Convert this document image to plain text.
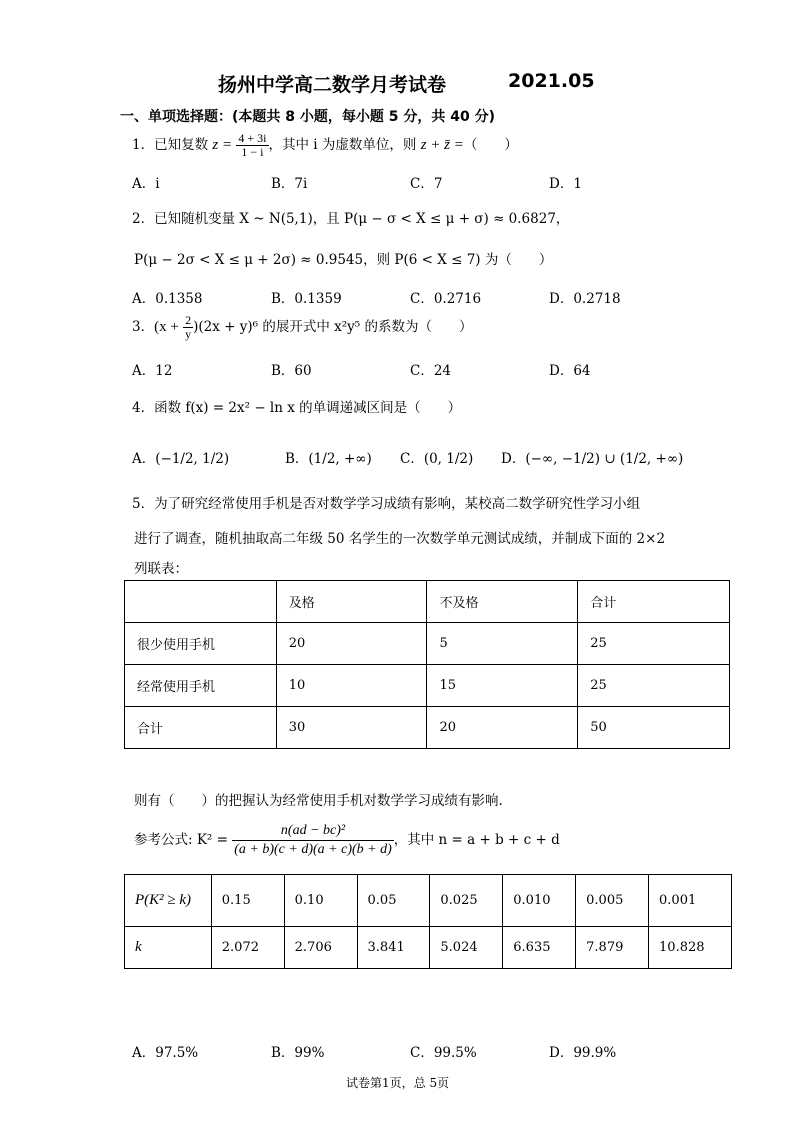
扬州中学高二数学月考试卷	2021.05
一、单项选择题：(本题共 8 小题，每小题 5 分，共 40 分)
1．已知复数 $z = \frac{4 + 3i}{1 - i}$ ，其中 i 为虚数单位，则 z + z̄ =（　　）
A．i	B．7i	C．7	D．1
2．已知随机变量 X ~ N(5,1)，且 P(μ − σ < X ≤ μ + σ) ≈ 0.6827，
P(μ − 2σ < X ≤ μ + 2σ) ≈ 0.9545，则 P(6 < X ≤ 7) 为（　　）
A．0.1358	B．0.1359	C．0.2716	D．0.2718
3．$(x + \frac{2}{y} )(2x + y)^6$ 的展开式中 x²y⁵ 的系数为（　　）
A．12	B．60	C．24	D．64
4．函数 f(x) = 2x² − ln x 的单调递减区间是（　　）
A．(−1/2, 1/2)	B．(1/2, +∞) C．(0, 1/2) D．(−∞, −1/2) ∪ (1/2, +∞)
5．为了研究经常使用手机是否对数学学习成绩有影响，某校高二数学研究性学习小组
进行了调查，随机抽取高二年级 50 名学生的一次数学单元测试成绩，并制成下面的 2×2
列联表：
	及格	不及格	合计
很少使用手机	20	5	25
经常使用手机	10	15	25
合计	30	20	50
则有（　　）的把握认为经常使用手机对数学学习成绩有影响.
参考公式: $K^2 = \frac{\text{n(ad − bc)²}}{(a + b)(c + d)(a + c)(b + d)}$ ，其中 n = a + b + c + d
P(K² ≥ k)	0.15	0.10	0.05	0.025	0.010	0.005	0.001
k	2.072	2.706	3.841	5.024	6.635	7.879	10.828
A．97.5%	B．99%	C．99.5%	D．99.9%
试卷第1页，总 5页
